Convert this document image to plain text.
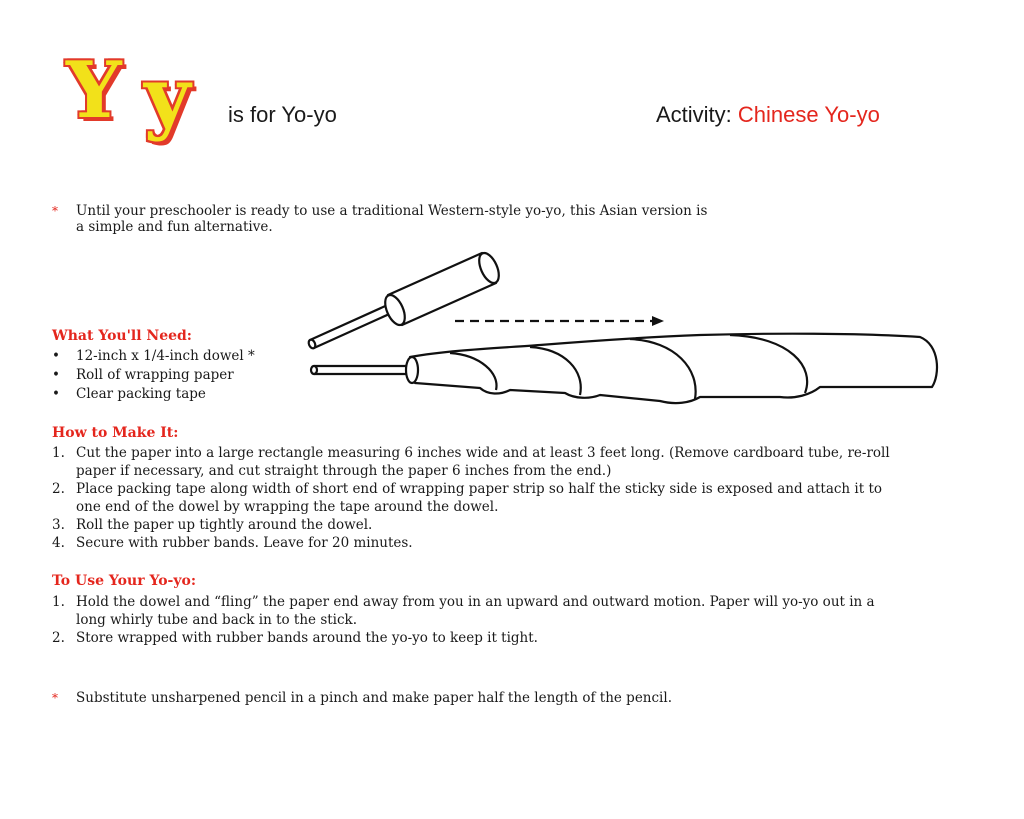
Y y is for Yo-yo	Activity: Chinese Yo-yo
* Until your preschooler is ready to use a traditional Western-style yo-yo, this Asian version is
a simple and fun alternative.
What You'll Need:
• 12-inch x 1/4-inch dowel *
• Roll of wrapping paper
• Clear packing tape
How to Make It:
1. Cut the paper into a large rectangle measuring 6 inches wide and at least 3 feet long. (Remove cardboard tube, re-roll
paper if necessary, and cut straight through the paper 6 inches from the end.)
2. Place packing tape along width of short end of wrapping paper strip so half the sticky side is exposed and attach it to
one end of the dowel by wrapping the tape around the dowel.
3. Roll the paper up tightly around the dowel.
4. Secure with rubber bands. Leave for 20 minutes.
To Use Your Yo-yo:
1. Hold the dowel and “fling” the paper end away from you in an upward and outward motion. Paper will yo-yo out in a
long whirly tube and back in to the stick.
2. Store wrapped with rubber bands around the yo-yo to keep it tight.
* Substitute unsharpened pencil in a pinch and make paper half the length of the pencil.
